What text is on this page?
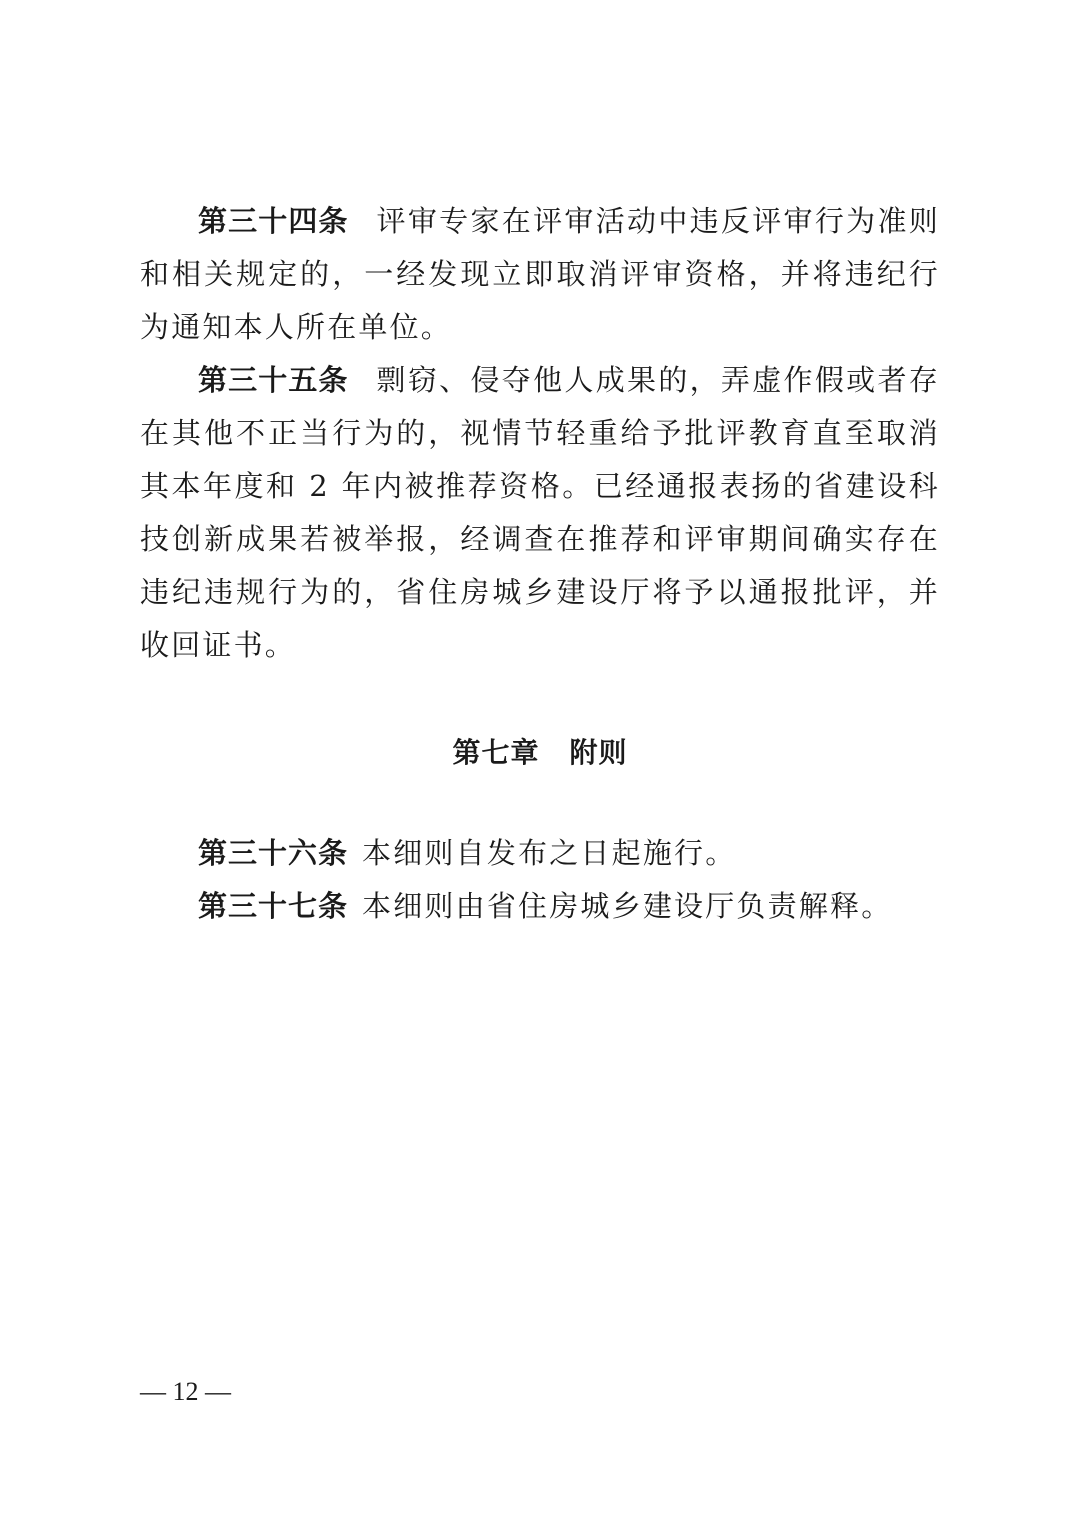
第三十四条 评审专家在评审活动中违反评审行为准则和相关规定的，一经发现立即取消评审资格，并将违纪行为通知本人所在单位。

第三十五条 剽窃、侵夺他人成果的，弄虚作假或者存在其他不正当行为的，视情节轻重给予批评教育直至取消其本年度和 2 年内被推荐资格。已经通报表扬的省建设科技创新成果若被举报，经调查在推荐和评审期间确实存在违纪违规行为的，省住房城乡建设厅将予以通报批评，并收回证书。

第七章 附则

第三十六条 本细则自发布之日起施行。

第三十七条 本细则由省住房城乡建设厅负责解释。

— 12 —
